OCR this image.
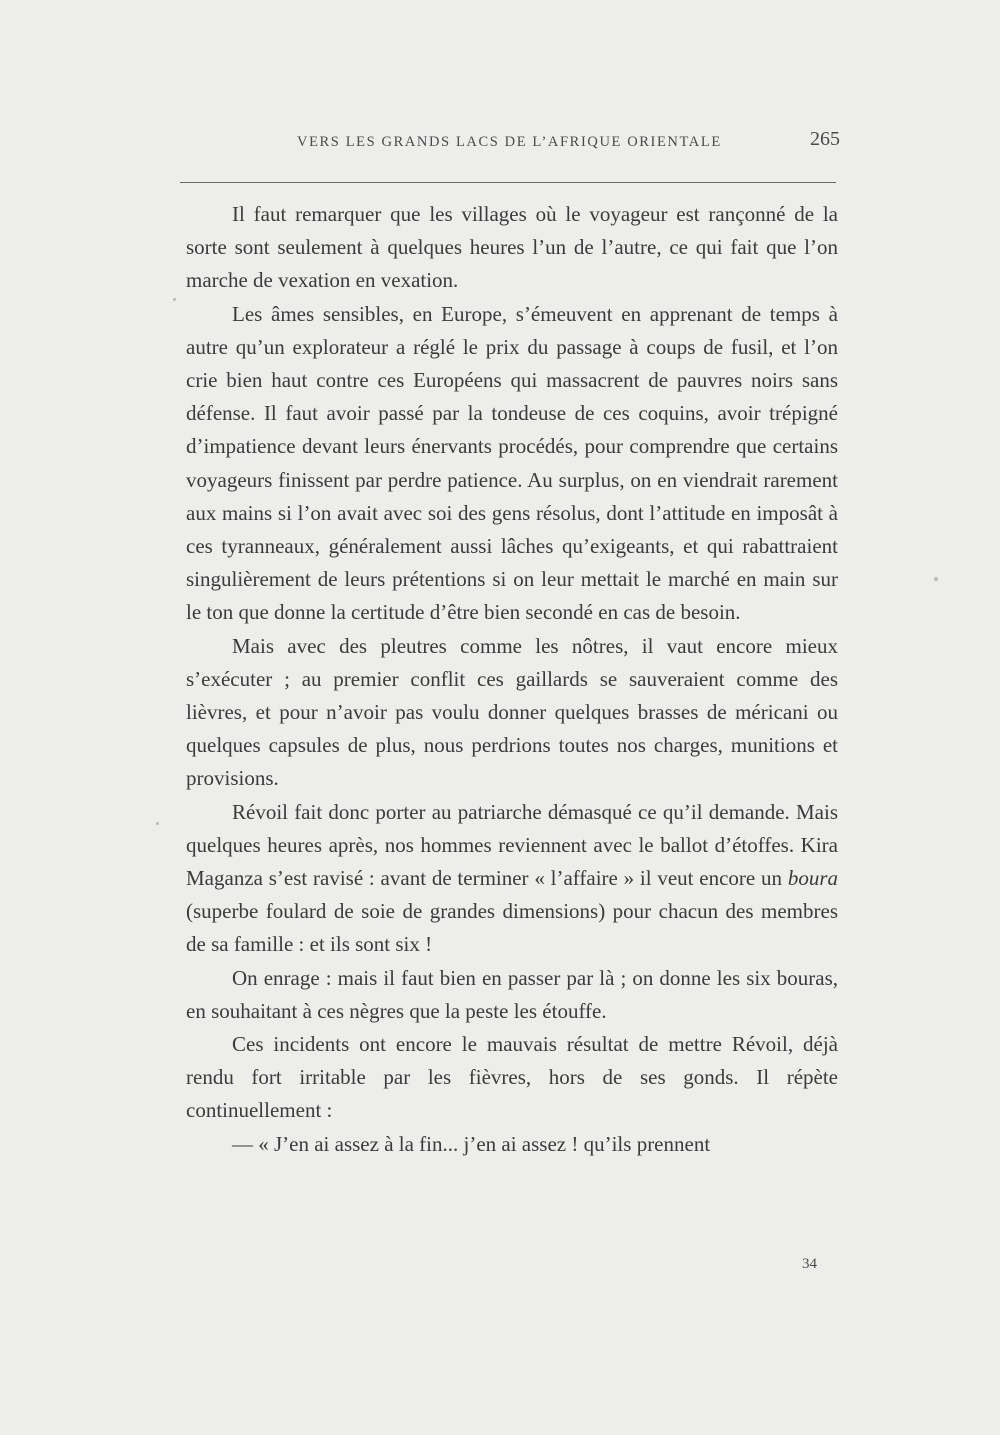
VERS LES GRANDS LACS DE L’AFRIQUE ORIENTALE	265

Il faut remarquer que les villages où le voyageur est rançonné de la sorte sont seulement à quelques heures l’un de l’autre, ce qui fait que l’on marche de vexation en vexation.

Les âmes sensibles, en Europe, s’émeuvent en apprenant de temps à autre qu’un explorateur a réglé le prix du passage à coups de fusil, et l’on crie bien haut contre ces Européens qui massacrent de pauvres noirs sans défense. Il faut avoir passé par la tondeuse de ces coquins, avoir trépigné d’impatience devant leurs énervants procédés, pour comprendre que certains voyageurs finissent par perdre patience. Au surplus, on en viendrait rarement aux mains si l’on avait avec soi des gens résolus, dont l’attitude en imposât à ces tyranneaux, généralement aussi lâches qu’exigeants, et qui rabattraient singulièrement de leurs prétentions si on leur mettait le marché en main sur le ton que donne la certitude d’être bien secondé en cas de besoin.

Mais avec des pleutres comme les nôtres, il vaut encore mieux s’exécuter ; au premier conflit ces gaillards se sauveraient comme des lièvres, et pour n’avoir pas voulu donner quelques brasses de méricani ou quelques capsules de plus, nous perdrions toutes nos charges, munitions et provisions.

Révoil fait donc porter au patriarche démasqué ce qu’il demande. Mais quelques heures après, nos hommes reviennent avec le ballot d’étoffes. Kira Maganza s’est ravisé : avant de terminer « l’affaire » il veut encore un boura (superbe foulard de soie de grandes dimensions) pour chacun des membres de sa famille : et ils sont six !

On enrage : mais il faut bien en passer par là ; on donne les six bouras, en souhaitant à ces nègres que la peste les étouffe.

Ces incidents ont encore le mauvais résultat de mettre Révoil, déjà rendu fort irritable par les fièvres, hors de ses gonds. Il répète continuellement :

— « J’en ai assez à la fin... j’en ai assez ! qu’ils prennent

34
